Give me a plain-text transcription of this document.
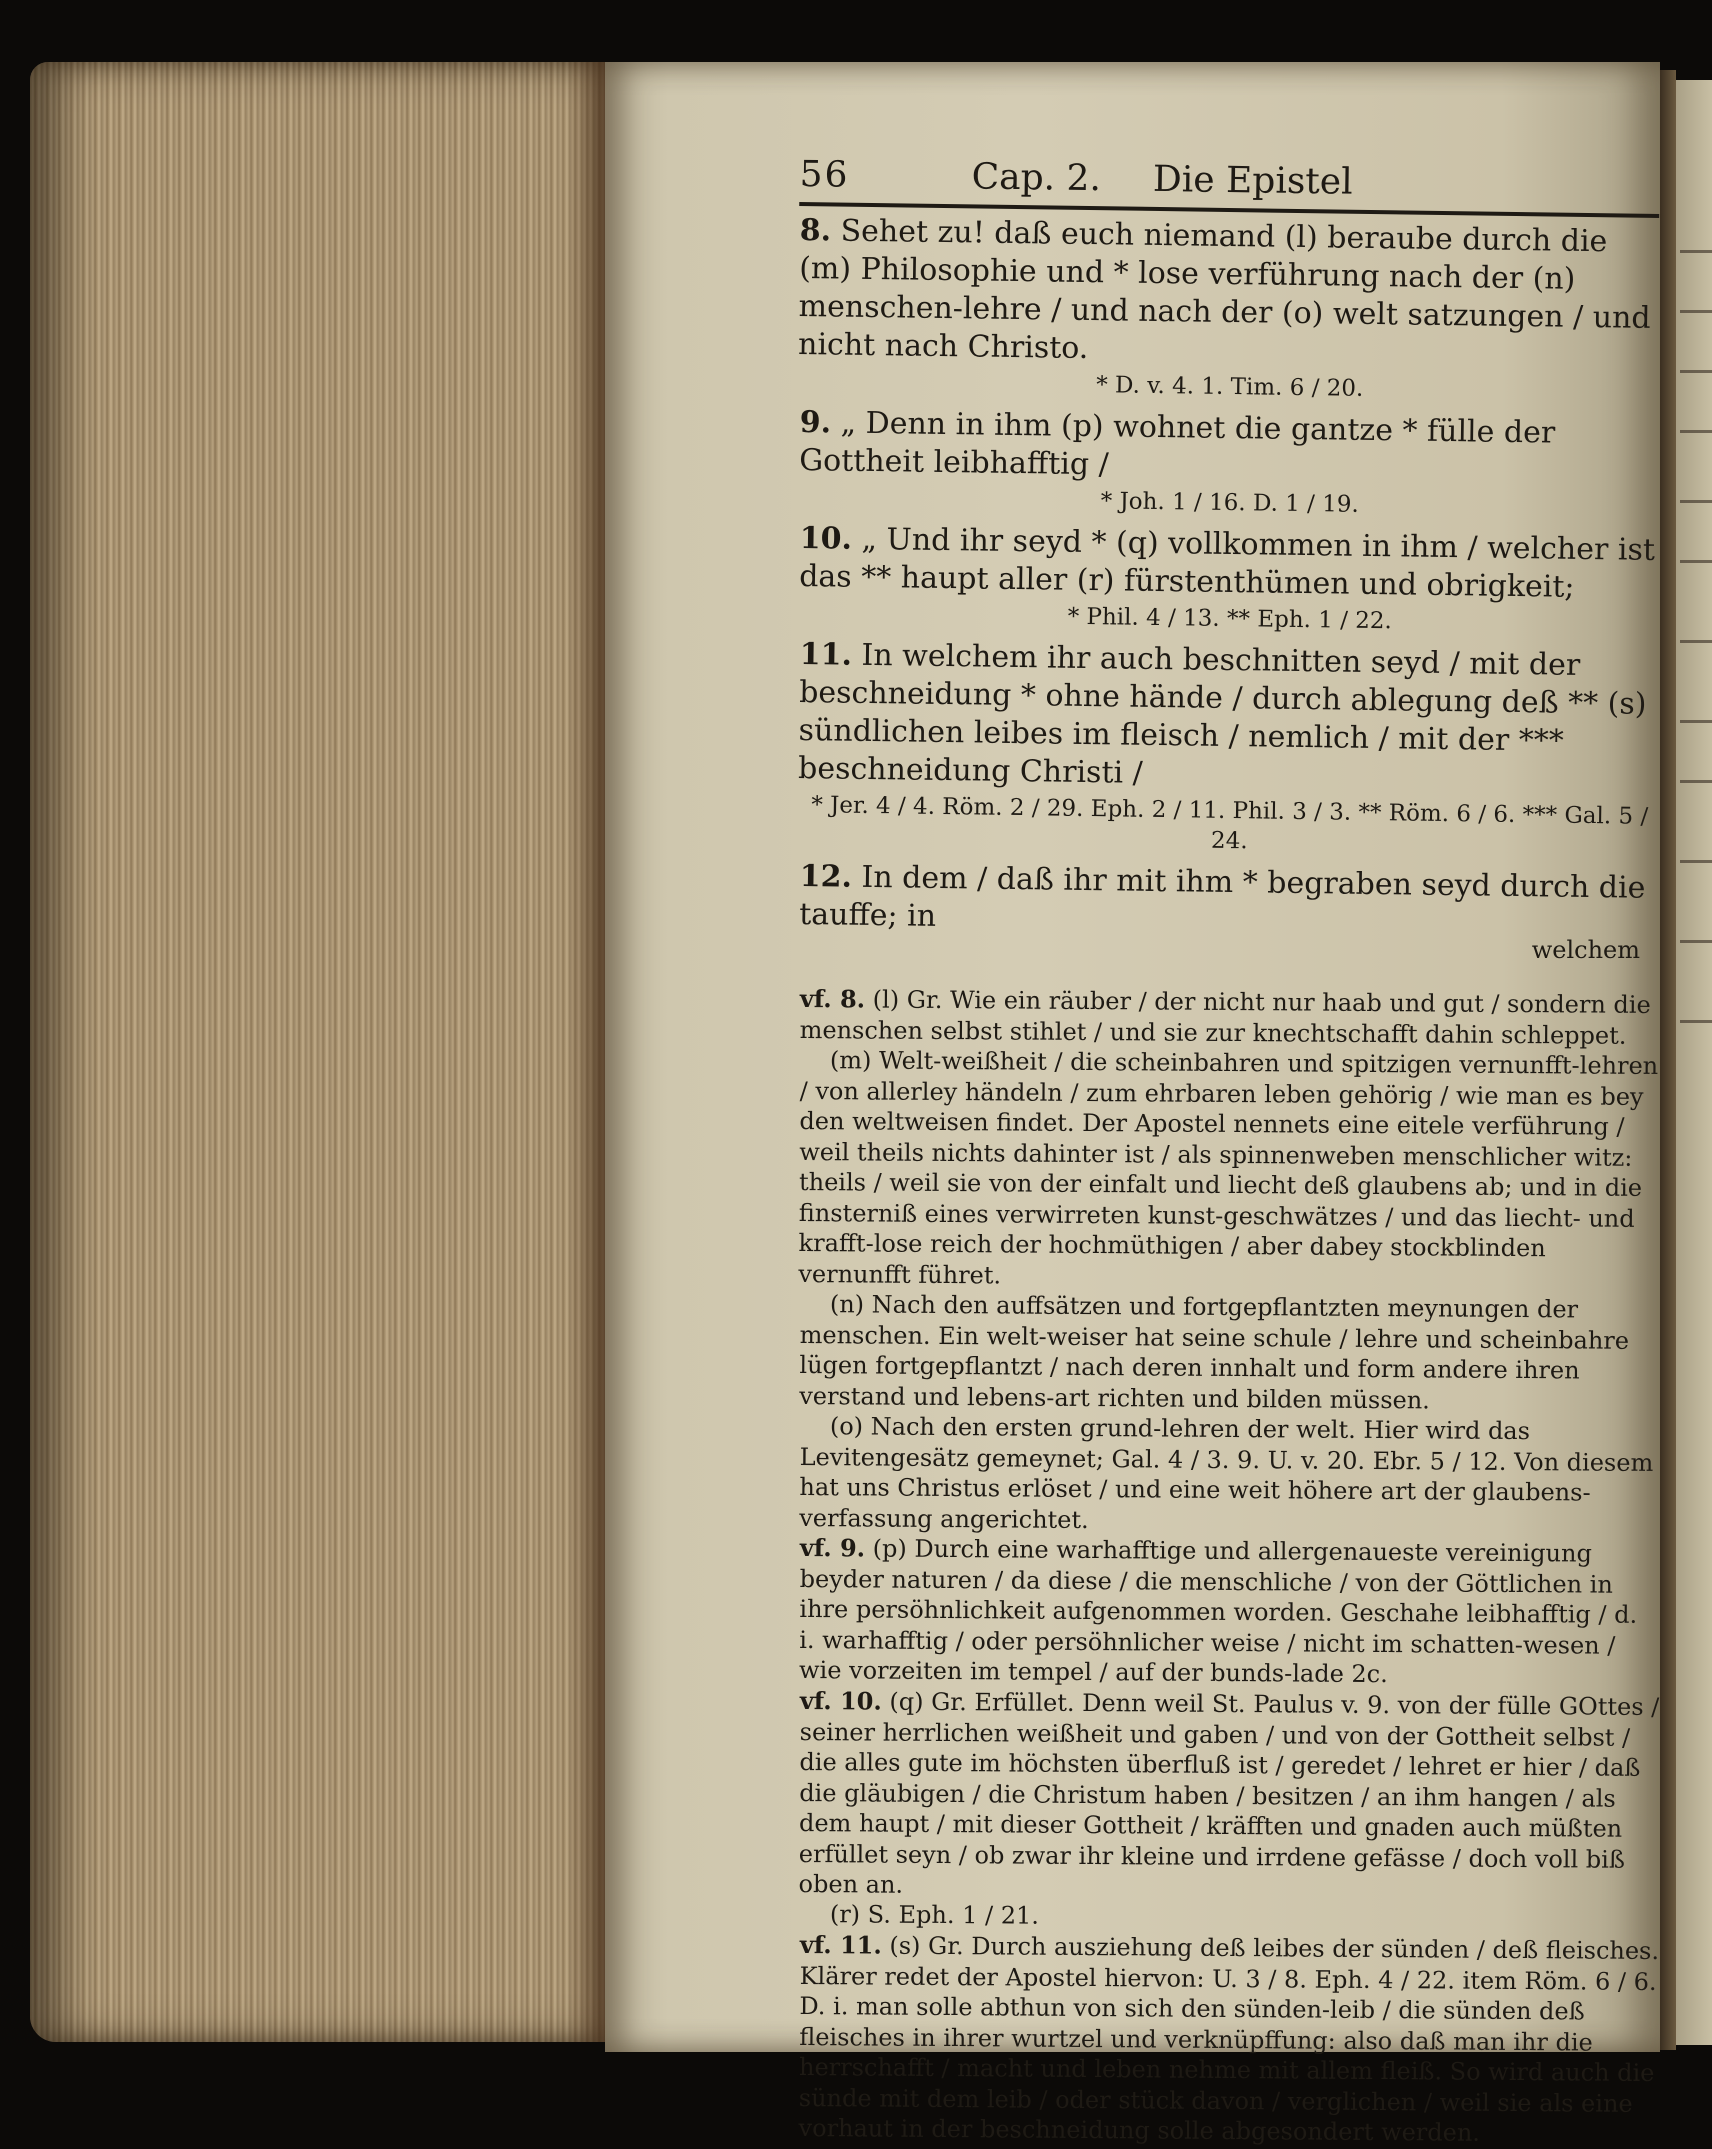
56	Cap. 2. Die Epistel

8. Sehet zu! daß euch niemand (l) beraube durch die (m) Philosophie und * lose verführung nach der (n) menschen-lehre / und nach der (o) welt satzungen / und nicht nach Christo.

* D. v. 4. 1. Tim. 6 / 20.

9. „ Denn in ihm (p) wohnet die gantze * fülle der Gottheit leibhafftig /

* Joh. 1 / 16. D. 1 / 19.

10. „ Und ihr seyd * (q) vollkommen in ihm / welcher ist das ** haupt aller (r) fürstenthümen und obrigkeit;

* Phil. 4 / 13. ** Eph. 1 / 22.

11. In welchem ihr auch beschnitten seyd / mit der beschneidung * ohne hände / durch ablegung deß ** (s) sündlichen leibes im fleisch / nemlich / mit der *** beschneidung Christi /

* Jer. 4 / 4. Röm. 2 / 29. Eph. 2 / 11. Phil. 3 / 3. ** Röm. 6 / 6. *** Gal. 5 / 24.

12. In dem / daß ihr mit ihm * begraben seyd durch die tauffe; in

welchem

vf. 8. (l) Gr. Wie ein räuber / der nicht nur haab und gut / sondern die menschen selbst stihlet / und sie zur knechtschafft dahin schleppet.

(m) Welt-weißheit / die scheinbahren und spitzigen vernunfft-lehren / von allerley händeln / zum ehrbaren leben gehörig / wie man es bey den weltweisen findet. Der Apostel nennets eine eitele verführung / weil theils nichts dahinter ist / als spinnenweben menschlicher witz: theils / weil sie von der einfalt und liecht deß glaubens ab; und in die finsterniß eines verwirreten kunst-geschwätzes / und das liecht- und krafft-lose reich der hochmüthigen / aber dabey stockblinden vernunfft führet.

(n) Nach den auffsätzen und fortgepflantzten meynungen der menschen. Ein welt-weiser hat seine schule / lehre und scheinbahre lügen fortgepflantzt / nach deren innhalt und form andere ihren verstand und lebens-art richten und bilden müssen.

(o) Nach den ersten grund-lehren der welt. Hier wird das Levitengesätz gemeynet; Gal. 4 / 3. 9. U. v. 20. Ebr. 5 / 12. Von diesem hat uns Christus erlöset / und eine weit höhere art der glaubens-verfassung angerichtet.

vf. 9. (p) Durch eine warhafftige und allergenaueste vereinigung beyder naturen / da diese / die menschliche / von der Göttlichen in ihre persöhnlichkeit aufgenommen worden. Geschahe leibhafftig / d. i. warhafftig / oder persöhnlicher weise / nicht im schatten-wesen / wie vorzeiten im tempel / auf der bunds-lade 2c.

vf. 10. (q) Gr. Erfüllet. Denn weil St. Paulus v. 9. von der fülle GOttes / seiner herrlichen weißheit und gaben / und von der Gottheit selbst / die alles gute im höchsten überfluß ist / geredet / lehret er hier / daß die gläubigen / die Christum haben / besitzen / an ihm hangen / als dem haupt / mit dieser Gottheit / kräfften und gnaden auch müßten erfüllet seyn / ob zwar ihr kleine und irrdene gefässe / doch voll biß oben an.

(r) S. Eph. 1 / 21.

vf. 11. (s) Gr. Durch ausziehung deß leibes der sünden / deß fleisches. Klärer redet der Apostel hiervon: U. 3 / 8. Eph. 4 / 22. item Röm. 6 / 6. D. i. man solle abthun von sich den sünden-leib / die sünden deß fleisches in ihrer wurtzel und verknüpffung: also daß man ihr die herrschafft / macht und leben nehme mit allem fleiß. So wird auch die sünde mit dem leib / oder stück davon / verglichen / weil sie als eine vorhaut in der beschneidung solle abgesondert werden.
